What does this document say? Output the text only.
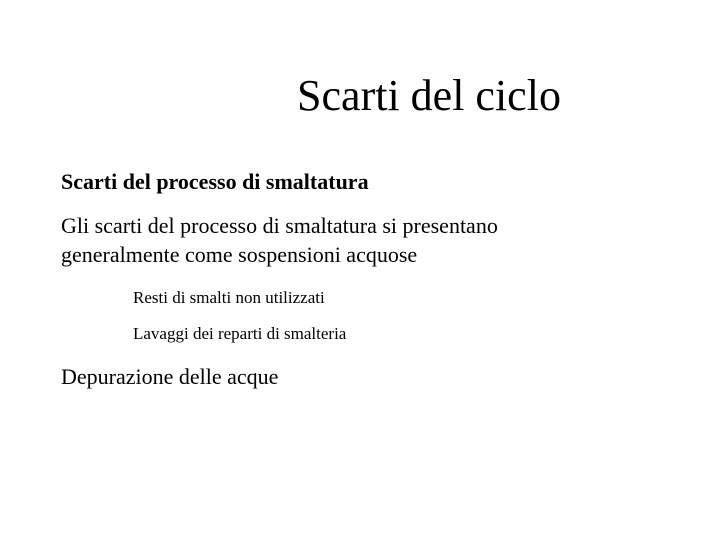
Scarti del ciclo
Scarti del processo di smaltatura
Gli scarti del processo di smaltatura si presentano generalmente come sospensioni acquose
Resti di smalti non utilizzati
Lavaggi dei reparti di smalteria
Depurazione delle acque
